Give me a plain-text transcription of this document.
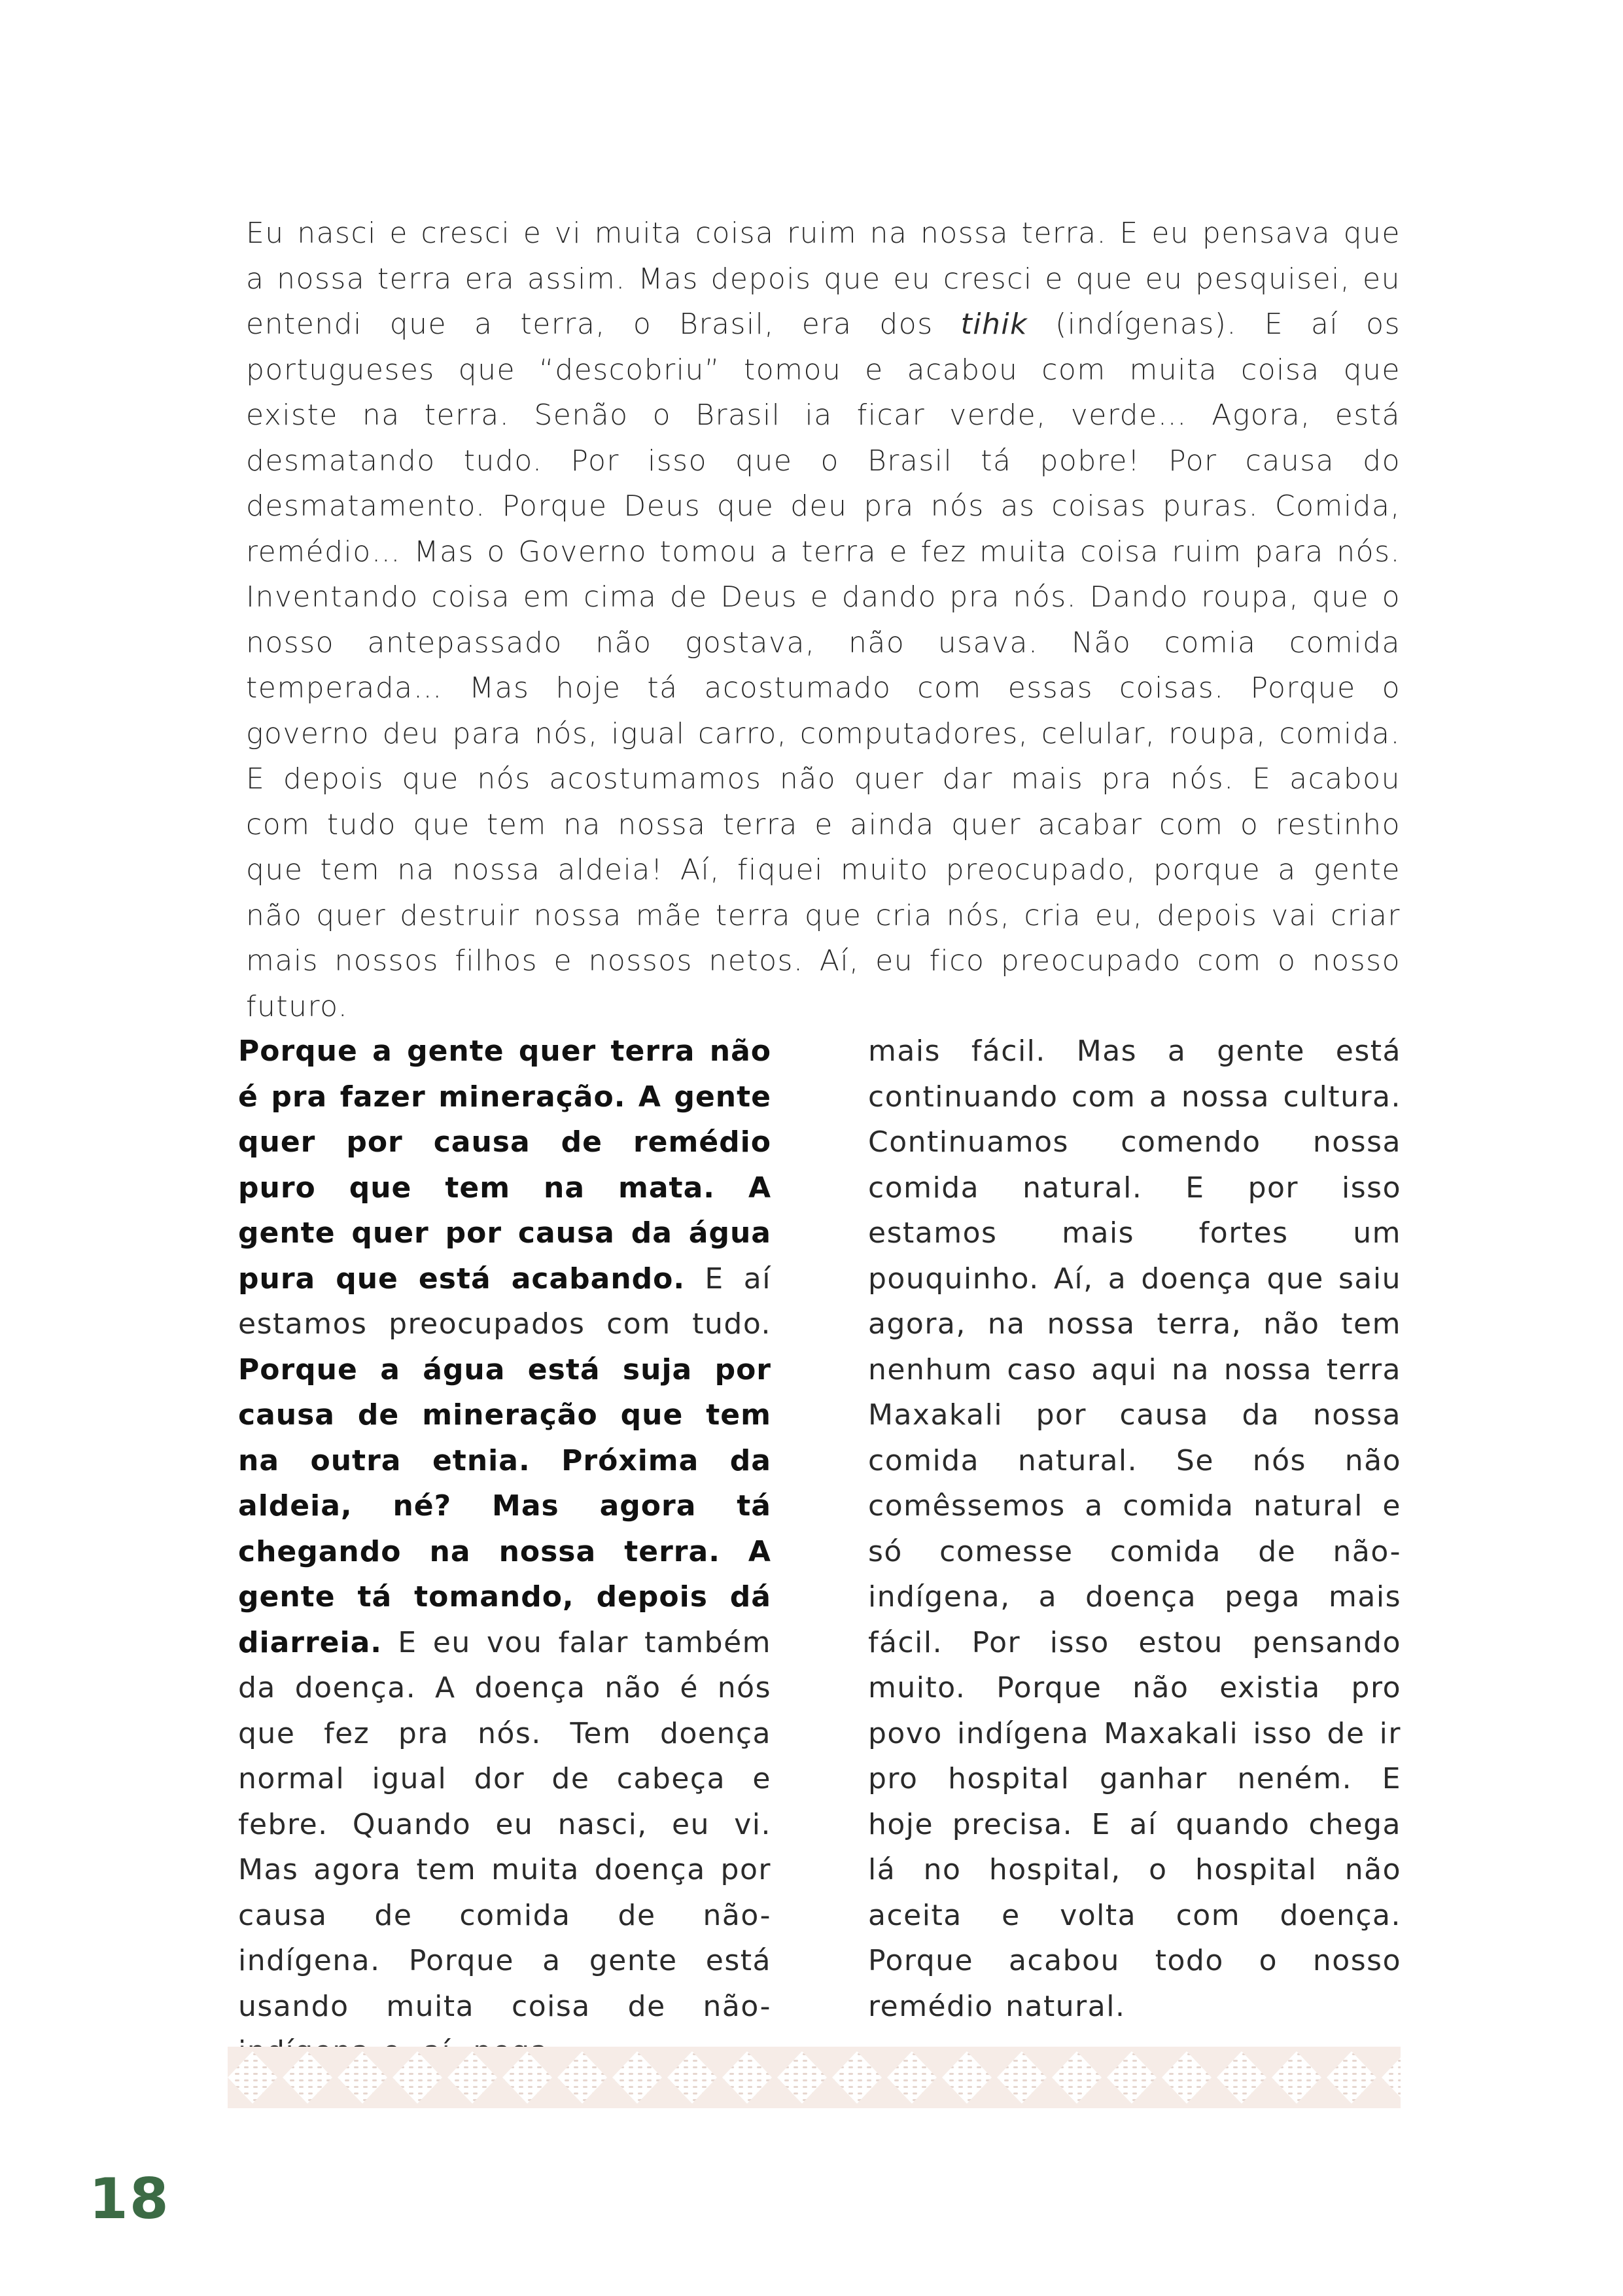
Eu nasci e cresci e vi muita coisa ruim na nossa terra. E eu pensava que a nossa terra era assim. Mas depois que eu cresci e que eu pesquisei, eu entendi que a terra, o Brasil, era dos tihik (indígenas). E aí os portugueses que “descobriu” tomou e acabou com muita coisa que existe na terra. Senão o Brasil ia ficar verde, verde… Agora, está desmatando tudo. Por isso que o Brasil tá pobre! Por causa do desmatamento. Porque Deus que deu pra nós as coisas puras. Comida, remédio… Mas o Governo tomou a terra e fez muita coisa ruim para nós. Inventando coisa em cima de Deus e dando pra nós. Dando roupa, que o nosso antepassado não gostava, não usava. Não comia comida temperada… Mas hoje tá acostumado com essas coisas. Porque o governo deu para nós, igual carro, computadores, celular, roupa, comida. E depois que nós acostumamos não quer dar mais pra nós. E acabou com tudo que tem na nossa terra e ainda quer acabar com o restinho que tem na nossa aldeia! Aí, fiquei muito preocupado, porque a gente não quer destruir nossa mãe terra que cria nós, cria eu, depois vai criar mais nossos filhos e nossos netos. Aí, eu fico preocupado com o nosso futuro.
Porque a gente quer terra não é pra fazer mineração. A gente quer por causa de remédio puro que tem na mata. A gente quer por causa da água pura que está acabando. E aí estamos preocupados com tudo. Porque a água está suja por causa de mineração que tem na outra etnia. Próxima da aldeia, né? Mas agora tá chegando na nossa terra. A gente tá tomando, depois dá diarreia. E eu vou falar também da doença. A doença não é nós que fez pra nós. Tem doença normal igual dor de cabeça e febre. Quando eu nasci, eu vi. Mas agora tem muita doença por causa de comida de não-indígena. Porque a gente está usando muita coisa de não-
mais fácil. Mas a gente está continuando com a nossa cultura. Continuamos comendo nossa comida natural. E por isso estamos mais fortes um pouquinho. Aí, a doença que saiu agora, na nossa terra, não tem nenhum caso aqui na nossa terra Maxakali por causa da nossa comida natural. Se nós não comêssemos a comida natural e só comesse comida de não-indígena, a doença pega mais fácil. Por isso estou pensando muito. Porque não existia pro povo indígena Maxakali isso de ir pro hospital ganhar neném. E hoje precisa. E aí quando chega lá no hospital, o hospital não aceita e volta com doença. Porque acabou todo o nosso remédio natural.
18
